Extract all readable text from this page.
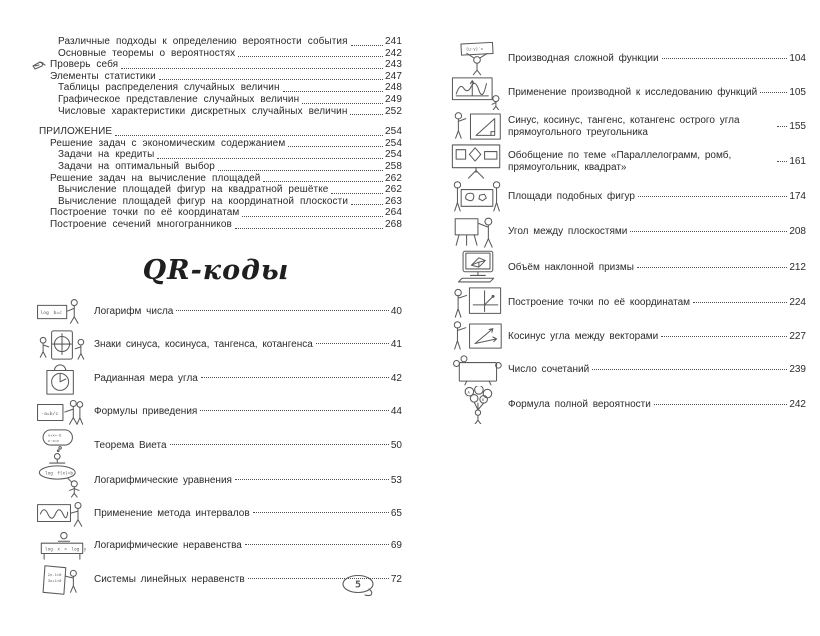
Различные подходы к определению вероятности события	241
Основные теоремы о вероятностях	242
Проверь себя	243
Элементы статистики	247
Таблицы распределения случайных величин	248
Графическое представление случайных величин	249
Числовые характеристики дискретных случайных величин	252
ПРИЛОЖЕНИЕ	254
Решение задач с экономическим содержанием	254
Задачи на кредиты	254
Задачи на оптимальный выбор	258
Решение задач на вычисление площадей	262
Вычисление площадей фигур на квадратной решётке	262
Вычисление площадей фигур на координатной плоскости	263
Построение точки по её координатам	264
Построение сечений многогранников	268
QR-коды
log b=c	Логарифм числа	40
Знаки синуса, косинуса, тангенса, котангенса	41
Радианная мера угла	42
-a=b/c	Формулы приведения	44
x+x=-b
x·x=c	Теорема Виета	50
log f(x)=b
Логарифмические уравнения	53
Применение метода интервалов	65
log x > log y Логарифмические неравенства	69
2x-1>0
3x+1<0	Системы линейных неравенств	72
(u·v)′=
Производная сложной функции	104
Применение производной к исследованию функций	105
Синус, косинус, тангенс, котангенс острого угла прямоугольного треугольника
155
Обобщение по теме «Параллелограмм, ромб, прямоугольник, квадрат»
161
Площади подобных фигур	174
Угол между плоскостями	208
Объём наклонной призмы	212
Построение точки по её координатам	224
Косинус угла между векторами	227
Число сочетаний	239
A
B Формула полной вероятности	242
5
